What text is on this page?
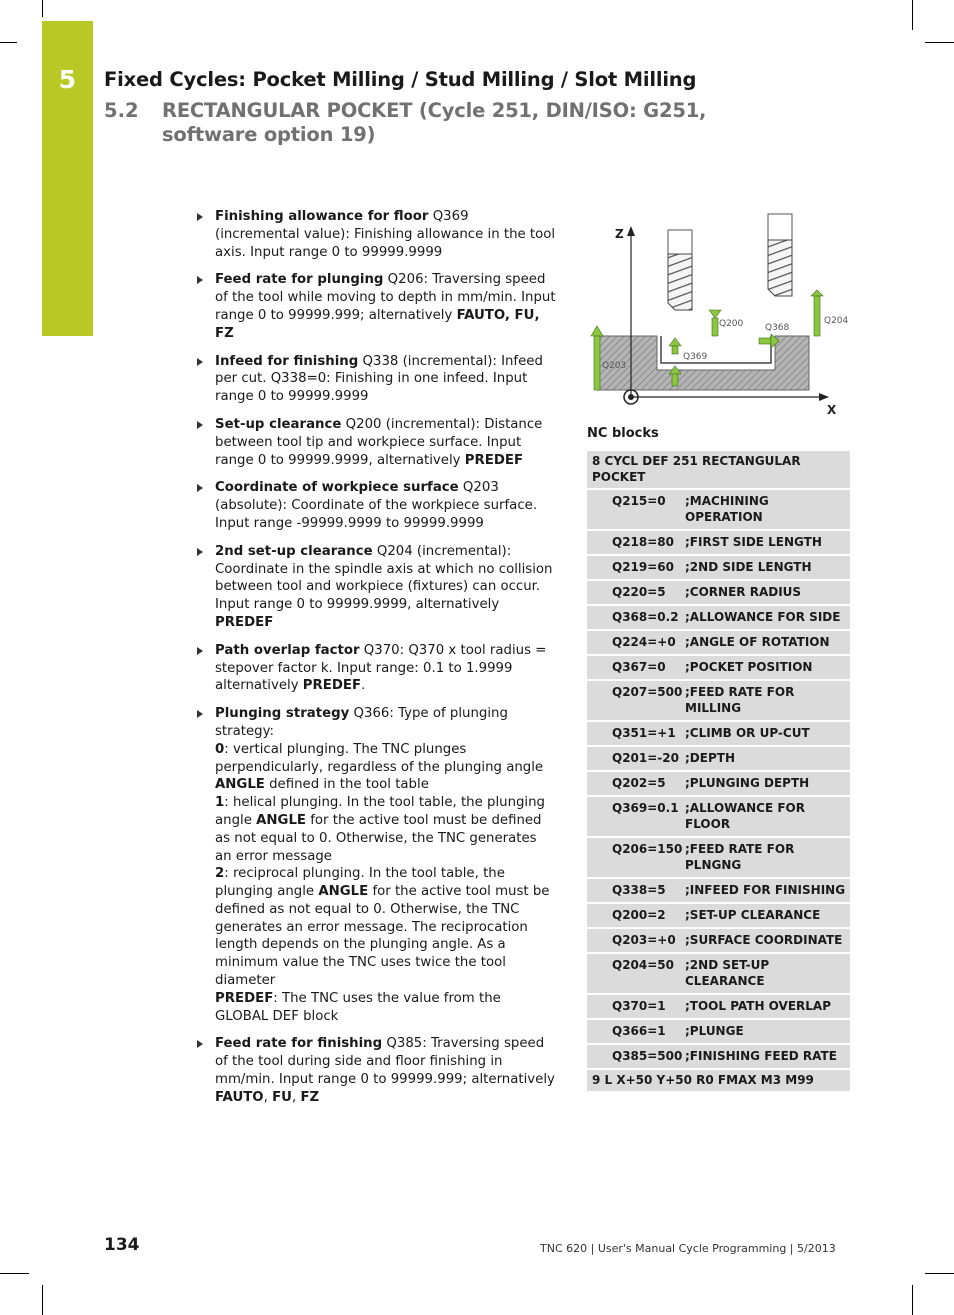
5	Fixed Cycles: Pocket Milling / Stud Milling / Slot Milling
5.2 RECTANGULAR POCKET (Cycle 251, DIN/ISO: G251, software option 19)
Finishing allowance for floor Q369 (incremental value): Finishing allowance in the tool axis. Input range 0 to 99999.9999
Feed rate for plunging Q206: Traversing speed of the tool while moving to depth in mm/min. Input range 0 to 99999.999; alternatively FAUTO, FU, FZ
Infeed for finishing Q338 (incremental): Infeed per cut. Q338=0: Finishing in one infeed. Input range 0 to 99999.9999
Set-up clearance Q200 (incremental): Distance between tool tip and workpiece surface. Input range 0 to 99999.9999, alternatively PREDEF
Coordinate of workpiece surface Q203 (absolute): Coordinate of the workpiece surface. Input range -99999.9999 to 99999.9999
2nd set-up clearance Q204 (incremental): Coordinate in the spindle axis at which no collision between tool and workpiece (fixtures) can occur. Input range 0 to 99999.9999, alternatively PREDEF
Path overlap factor Q370: Q370 x tool radius = stepover factor k. Input range: 0.1 to 1.9999 alternatively PREDEF.
Plunging strategy Q366: Type of plunging strategy:
0: vertical plunging. The TNC plunges perpendicularly, regardless of the plunging angle ANGLE defined in the tool table
1: helical plunging. In the tool table, the plunging angle ANGLE for the active tool must be defined as not equal to 0. Otherwise, the TNC generates an error message
2: reciprocal plunging. In the tool table, the plunging angle ANGLE for the active tool must be defined as not equal to 0. Otherwise, the TNC generates an error message. The reciprocation length depends on the plunging angle. As a minimum value the TNC uses twice the tool diameter
PREDEF: The TNC uses the value from the GLOBAL DEF block
Feed rate for finishing Q385: Traversing speed of the tool during side and floor finishing in mm/min. Input range 0 to 99999.999; alternatively FAUTO, FU, FZ
Z
X
Q200 Q368
Q204
Q203
Q369
NC blocks
8 CYCL DEF 251 RECTANGULAR POCKET	
Q215=0	;MACHINING OPERATION
Q218=80	;FIRST SIDE LENGTH
Q219=60	;2ND SIDE LENGTH
Q220=5	;CORNER RADIUS
Q368=0.2	;ALLOWANCE FOR SIDE
Q224=+0	;ANGLE OF ROTATION
Q367=0	;POCKET POSITION
Q207=500	;FEED RATE FOR MILLING
Q351=+1	;CLIMB OR UP-CUT
Q201=-20	;DEPTH
Q202=5	;PLUNGING DEPTH
Q369=0.1	;ALLOWANCE FOR FLOOR
Q206=150	;FEED RATE FOR PLNGNG
Q338=5	;INFEED FOR FINISHING
Q200=2	;SET-UP CLEARANCE
Q203=+0	;SURFACE COORDINATE
Q204=50	;2ND SET-UP CLEARANCE
Q370=1	;TOOL PATH OVERLAP
Q366=1	;PLUNGE
Q385=500	;FINISHING FEED RATE
9 L X+50 Y+50 R0 FMAX M3 M99	
134	TNC 620 | User's Manual Cycle Programming | 5/2013
